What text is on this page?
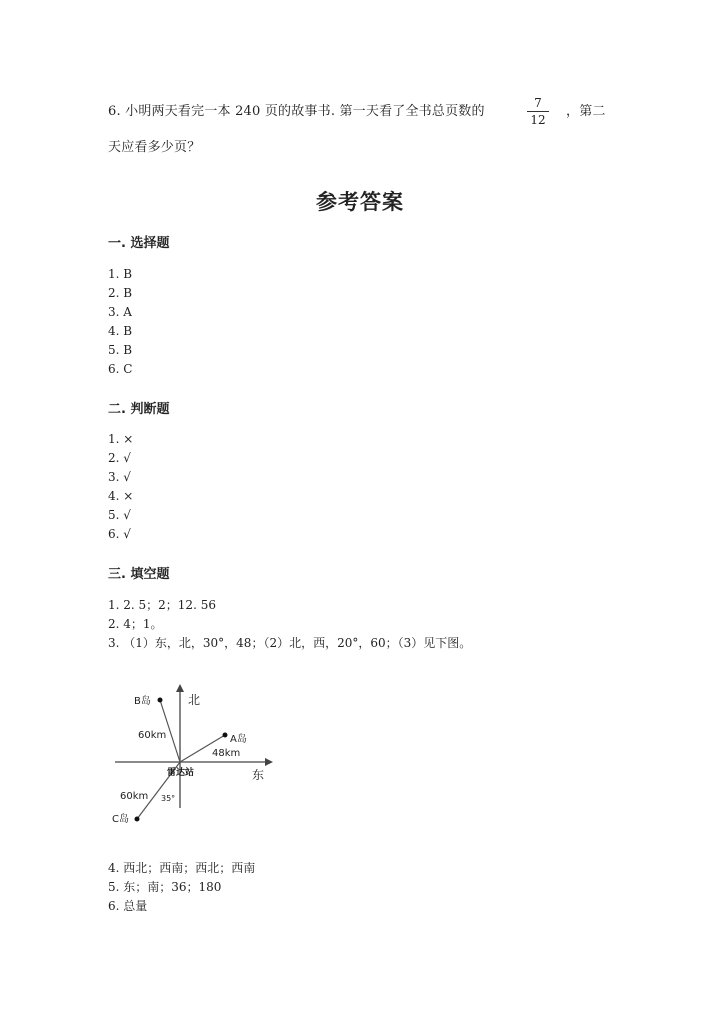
6. 小明两天看完一本 240 页的故事书. 第一天看了全书总页数的
7
12
，第二
天应看多少页？
参考答案
一. 选择题
1. B
2. B
3. A
4. B
5. B
6. C
二. 判断题
1. ×
2. √
3. √
4. ×
5. √
6. √
三. 填空题
1. 2. 5；2；12. 56
2. 4；1。
3. （1）东，北，30°，48；（2）北，西，20°，60；（3）见下图。
北
东
B岛
A岛
C岛
60km
48km
60km 35°
雷达站
4. 西北；西南；西北；西南
5. 东；南；36；180
6. 总量
